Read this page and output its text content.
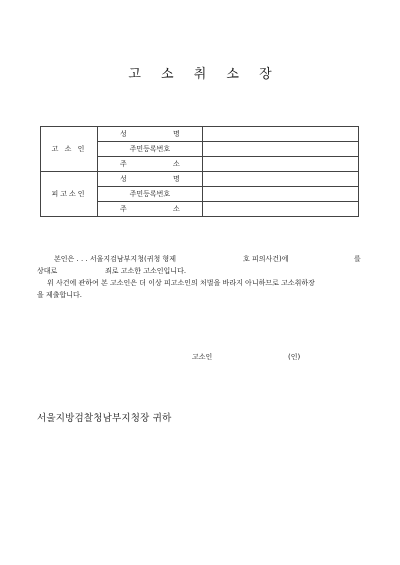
고 소 취 소 장
고 소 인	성 명	
	주민등록번호	
	주 소	
피고소인	성 명	
	주민등록번호	
	주 소	
본인은 . . . 서울지검남부지청(귀청 형제	호 피의사건)에	를
상대로	죄로 고소한 고소인입니다.
위 사건에 관하여 본 고소인은 더 이상 피고소인의 처벌을 바라지 아니하므로 고소취하장
을 제출합니다.
고소인	(인)
서울지방검찰청남부지청장 귀하
